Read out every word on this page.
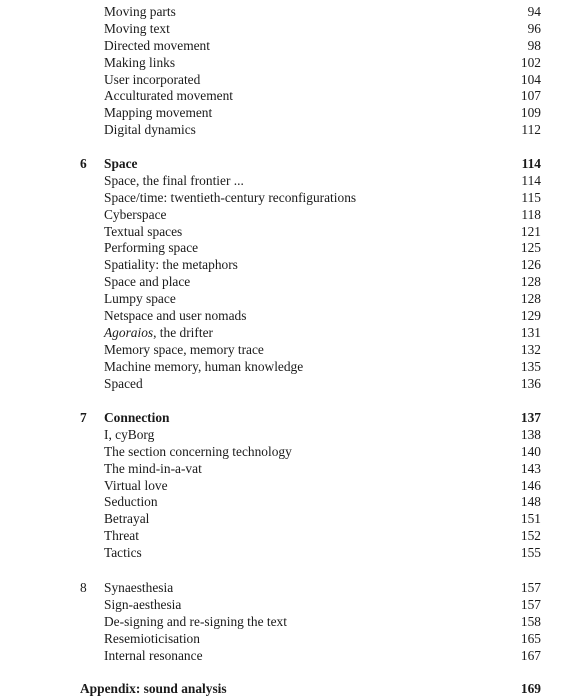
Moving parts	94
Moving text	96
Directed movement	98
Making links	102
User incorporated	104
Acculturated movement	107
Mapping movement	109
Digital dynamics	112
6 Space	114
Space, the final frontier ...	114
Space/time: twentieth-century reconfigurations	115
Cyberspace	118
Textual spaces	121
Performing space	125
Spatiality: the metaphors	126
Space and place	128
Lumpy space	128
Netspace and user nomads	129
Agoraios, the drifter	131
Memory space, memory trace	132
Machine memory, human knowledge	135
Spaced	136
7 Connection	137
I, cyBorg	138
The section concerning technology	140
The mind-in-a-vat	143
Virtual love	146
Seduction	148
Betrayal	151
Threat	152
Tactics	155
8 Synaesthesia	157
Sign-aesthesia	157
De-signing and re-signing the text	158
Resemioticisation	165
Internal resonance	167
Appendix: sound analysis	169
